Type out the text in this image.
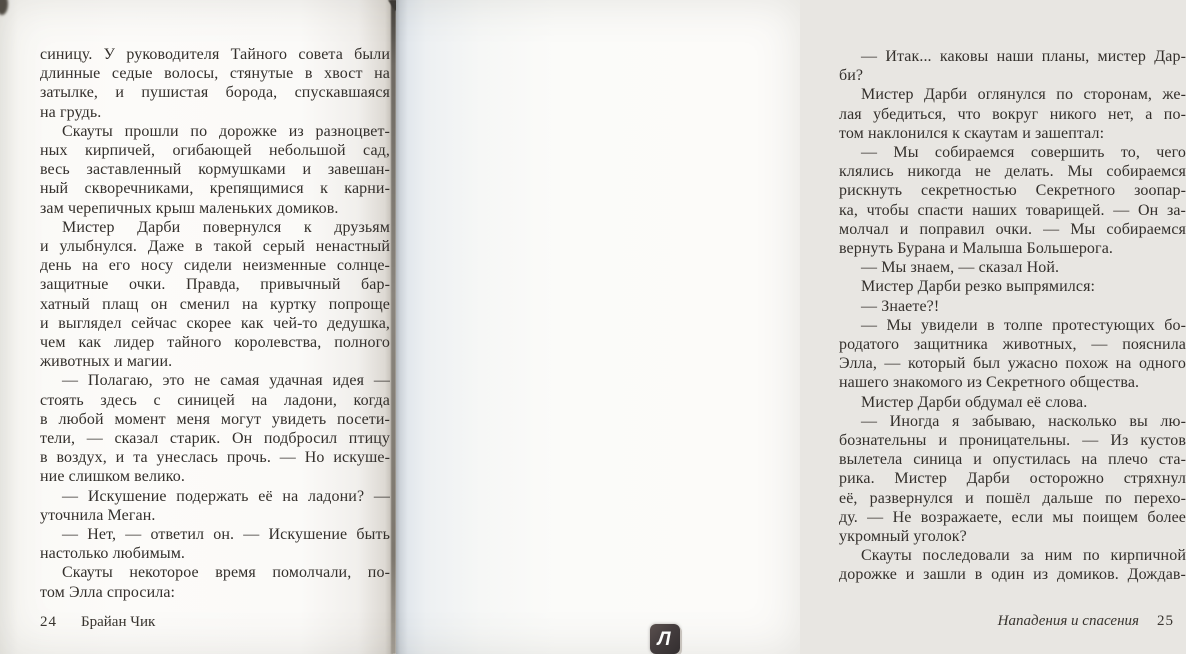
синицу. У руководителя Тайного совета были
длинные седые волосы, стянутые в хвост на
затылке, и пушистая борода, спускавшаяся
на грудь.
Скауты прошли по дорожке из разноцвет-
ных кирпичей, огибающей небольшой сад,
весь заставленный кормушками и завешан-
ный скворечниками, крепящимися к карни-
зам черепичных крыш маленьких домиков.
Мистер Дарби повернулся к друзьям
и улыбнулся. Даже в такой серый ненастный
день на его носу сидели неизменные солнце-
защитные очки. Правда, привычный бар-
хатный плащ он сменил на куртку попроще
и выглядел сейчас скорее как чей-то дедушка,
чем как лидер тайного королевства, полного
животных и магии.
— Полагаю, это не самая удачная идея —
стоять здесь с синицей на ладони, когда
в любой момент меня могут увидеть посети-
тели, — сказал старик. Он подбросил птицу
в воздух, и та унеслась прочь. — Но искуше-
ние слишком велико.
— Искушение подержать её на ладони? —
уточнила Меган.
— Нет, — ответил он. — Искушение быть
настолько любимым.
Скауты некоторое время помолчали, по-
том Элла спросила:
24 Брайан Чик
— Итак... каковы наши планы, мистер Дар-
би?
Мистер Дарби оглянулся по сторонам, же-
лая убедиться, что вокруг никого нет, а по-
том наклонился к скаутам и зашептал:
— Мы собираемся совершить то, чего
клялись никогда не делать. Мы собираемся
рискнуть секретностью Секретного зоопар-
ка, чтобы спасти наших товарищей. — Он за-
молчал и поправил очки. — Мы собираемся
вернуть Бурана и Малыша Большерога.
— Мы знаем, — сказал Ной.
Мистер Дарби резко выпрямился:
— Знаете?!
— Мы увидели в толпе протестующих бо-
родатого защитника животных, — пояснила
Элла, — который был ужасно похож на одного
нашего знакомого из Секретного общества.
Мистер Дарби обдумал её слова.
— Иногда я забываю, насколько вы лю-
бознательны и проницательны. — Из кустов
вылетела синица и опустилась на плечо ста-
рика. Мистер Дарби осторожно стряхнул
её, развернулся и пошёл дальше по перехо-
ду. — Не возражаете, если мы поищем более
укромный уголок?
Скауты последовали за ним по кирпичной
дорожке и зашли в один из домиков. Дождав-
Нападения и спасения 25
Л
